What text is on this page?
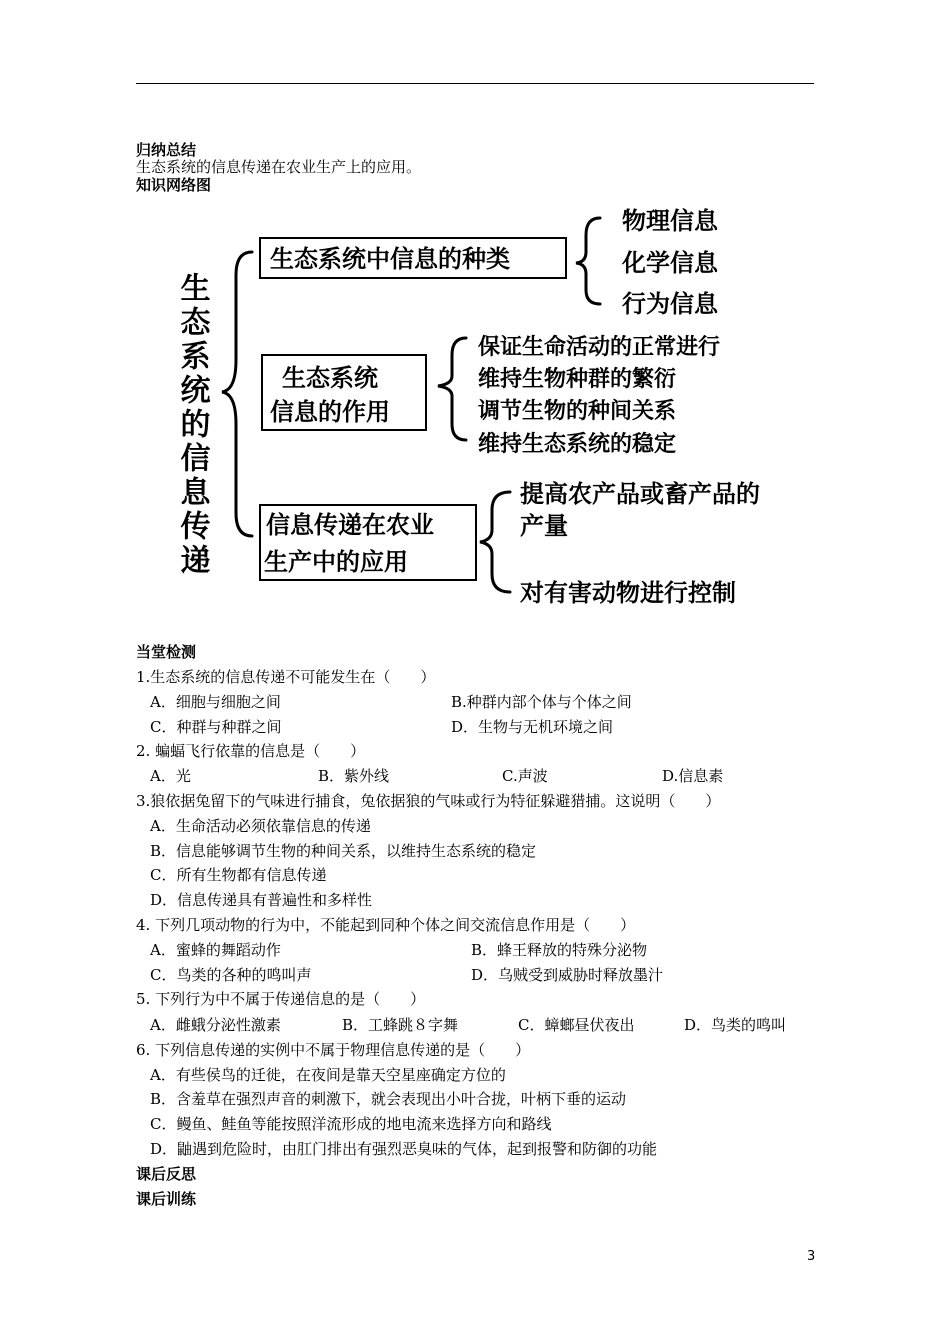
归纳总结
生态系统的信息传递在农业生产上的应用。
知识网络图
生态系统的信息传递
生态系统中信息的种类
物理信息
化学信息
行为信息
生态系统
信息的作用
信息传递在农业
生产中的应用
提高农产品或畜产品的
产量
对有害动物进行控制
保证生命活动的正常进行
维持生物种群的繁衍
调节生物的种间关系
维持生态系统的稳定
当堂检测
1.生态系统的信息传递不可能发生在（　　）
A．细胞与细胞之间	B.种群内部个体与个体之间
C．种群与种群之间	D．生物与无机环境之间
2. 蝙蝠飞行依靠的信息是（　　）
A．光	B．紫外线	C.声波	D.信息素
3.狼依据兔留下的气味进行捕食，兔依据狼的气味或行为特征躲避猎捕。这说明（　　）
A．生命活动必须依靠信息的传递
B．信息能够调节生物的种间关系，以维持生态系统的稳定
C．所有生物都有信息传递
D．信息传递具有普遍性和多样性
4. 下列几项动物的行为中，不能起到同种个体之间交流信息作用是（　　）
A．蜜蜂的舞蹈动作	B．蜂王释放的特殊分泌物
C．鸟类的各种的鸣叫声	D．乌贼受到威胁时释放墨汁
5. 下列行为中不属于传递信息的是（　　）
A．雌蛾分泌性激素	B．工蜂跳８字舞	C．蟑螂昼伏夜出	D．鸟类的鸣叫
6. 下列信息传递的实例中不属于物理信息传递的是（　　）
A．有些侯鸟的迁徙，在夜间是靠天空星座确定方位的
B．含羞草在强烈声音的刺激下，就会表现出小叶合拢，叶柄下垂的运动
C．鳗鱼、鲑鱼等能按照洋流形成的地电流来选择方向和路线
D．鼬遇到危险时，由肛门排出有强烈恶臭味的气体，起到报警和防御的功能
课后反思
课后训练
3
